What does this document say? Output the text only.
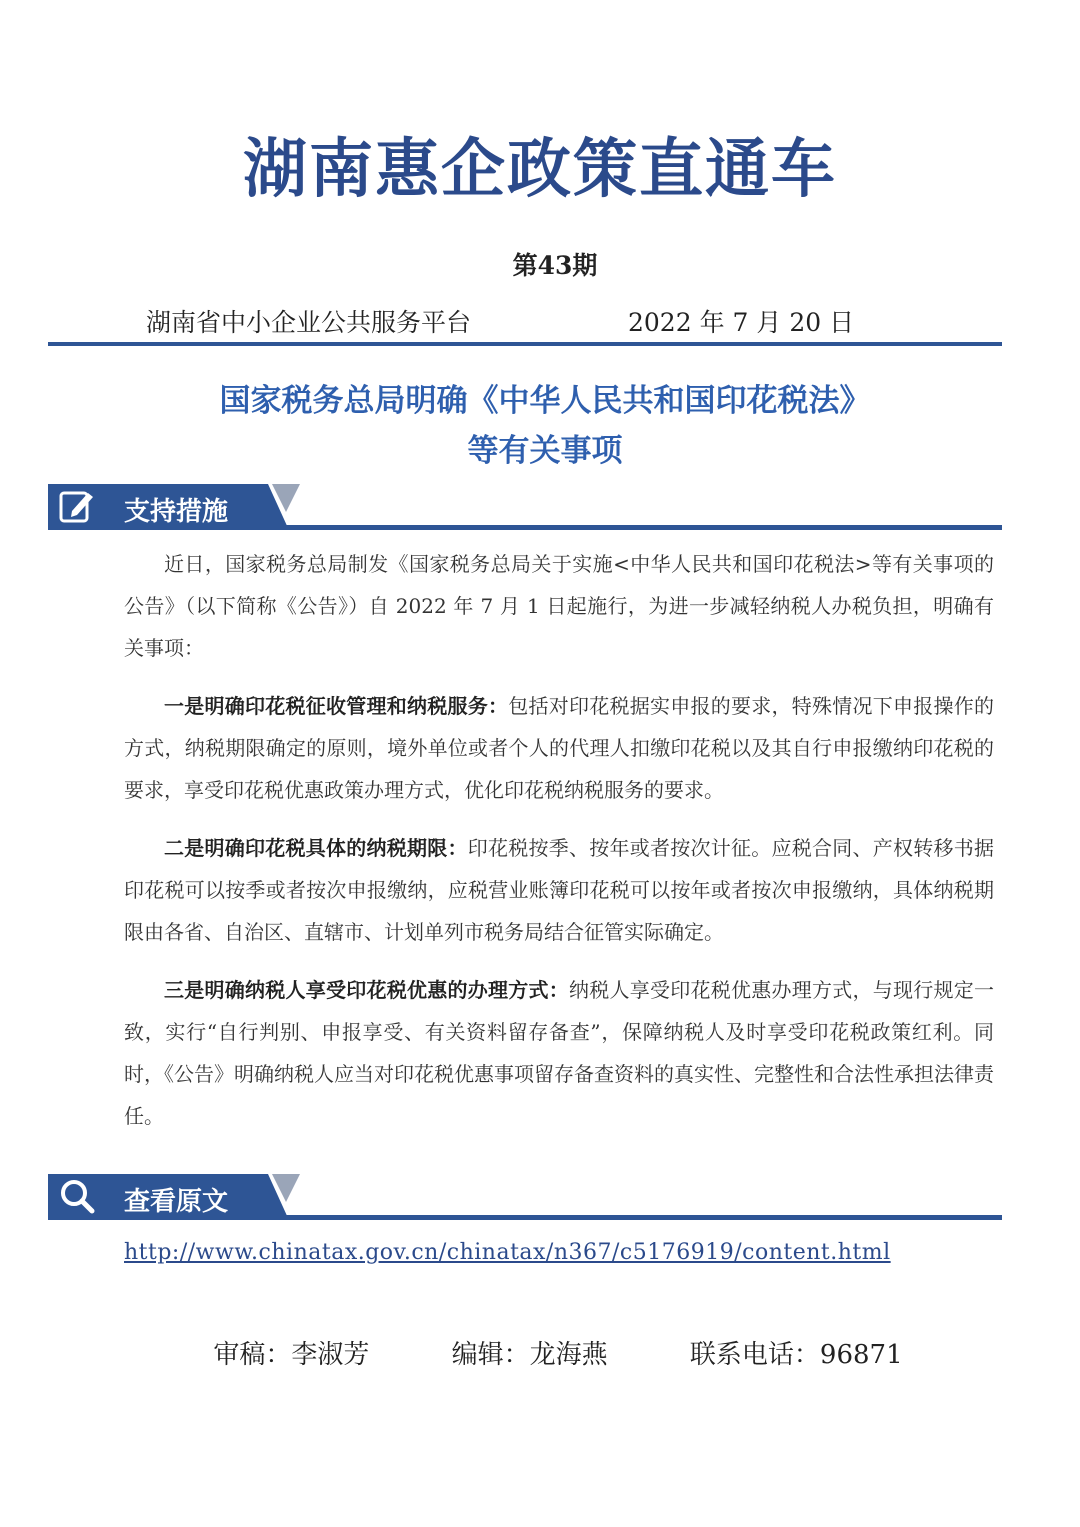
湖南惠企政策直通车
第43期
湖南省中小企业公共服务平台	2022 年 7 月 20 日
国家税务总局明确《中华人民共和国印花税法》
等有关事项
支持措施

近日，国家税务总局制发《国家税务总局关于实施<中华人民共和国印花税法>等有关事项的公告》（以下简称《公告》）自 2022 年 7 月 1 日起施行，为进一步减轻纳税人办税负担，明确有关事项：

一是明确印花税征收管理和纳税服务：包括对印花税据实申报的要求，特殊情况下申报操作的方式，纳税期限确定的原则，境外单位或者个人的代理人扣缴印花税以及其自行申报缴纳印花税的要求，享受印花税优惠政策办理方式，优化印花税纳税服务的要求。

二是明确印花税具体的纳税期限：印花税按季、按年或者按次计征。应税合同、产权转移书据印花税可以按季或者按次申报缴纳，应税营业账簿印花税可以按年或者按次申报缴纳，具体纳税期限由各省、自治区、直辖市、计划单列市税务局结合征管实际确定。

三是明确纳税人享受印花税优惠的办理方式：纳税人享受印花税优惠办理方式，与现行规定一致，实行“自行判别、申报享受、有关资料留存备查”，保障纳税人及时享受印花税政策红利。同时，《公告》明确纳税人应当对印花税优惠事项留存备查资料的真实性、完整性和合法性承担法律责任。

查看原文
http://www.chinatax.gov.cn/chinatax/n367/c5176919/content.html
审稿：李淑芳	编辑：龙海燕	联系电话：96871
